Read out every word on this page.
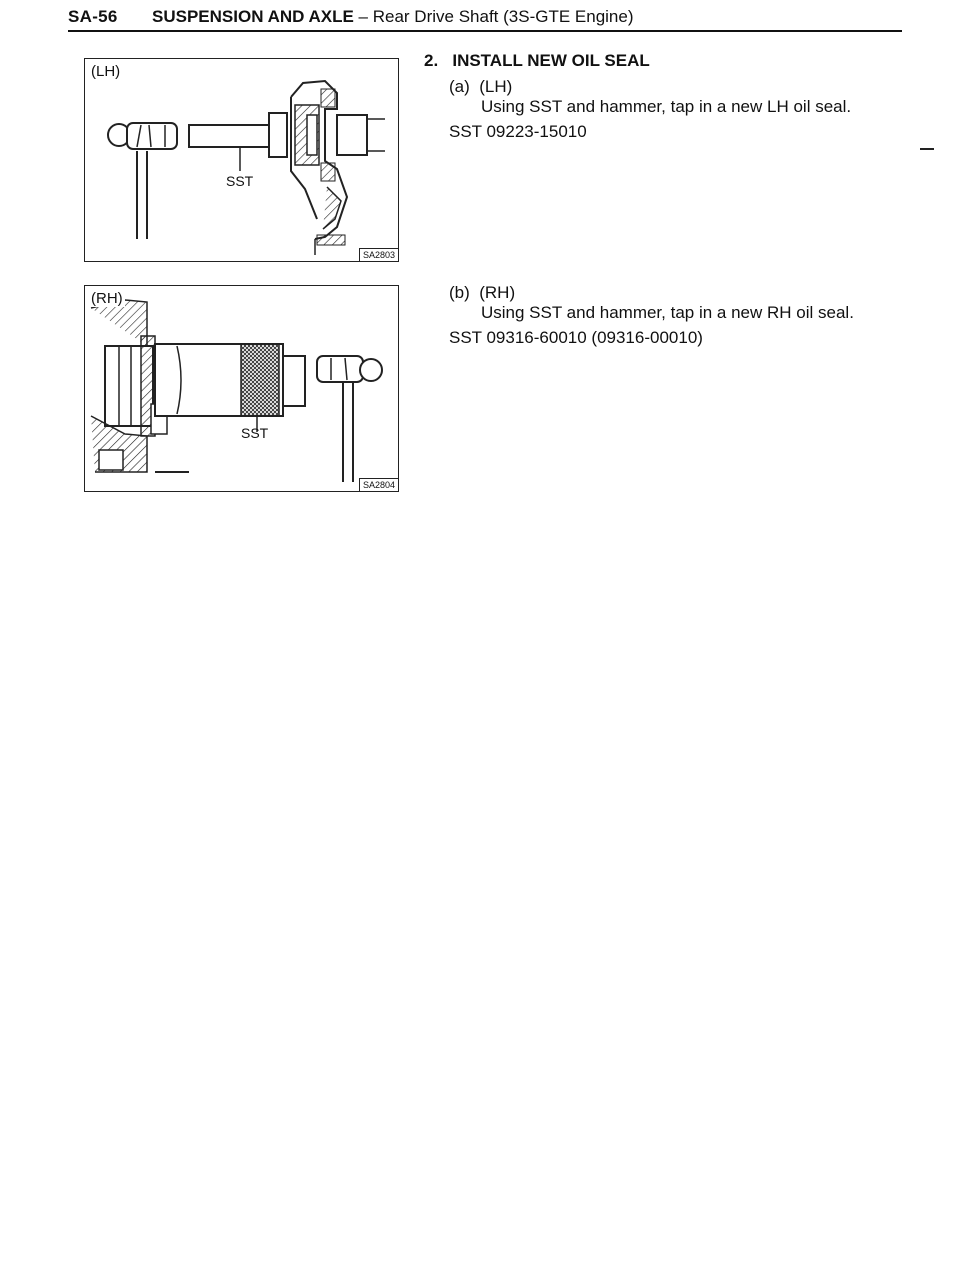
SA-56 SUSPENSION AND AXLE – Rear Drive Shaft (3S-GTE Engine)
(LH)
SST
SA2803
(RH)
SST
SA2804
2.   INSTALL NEW OIL SEAL
(a)  (LH)
Using SST and hammer, tap in a new LH oil seal.
SST 09223-15010
(b)  (RH)
Using SST and hammer, tap in a new RH oil seal.
SST 09316-60010 (09316-00010)
